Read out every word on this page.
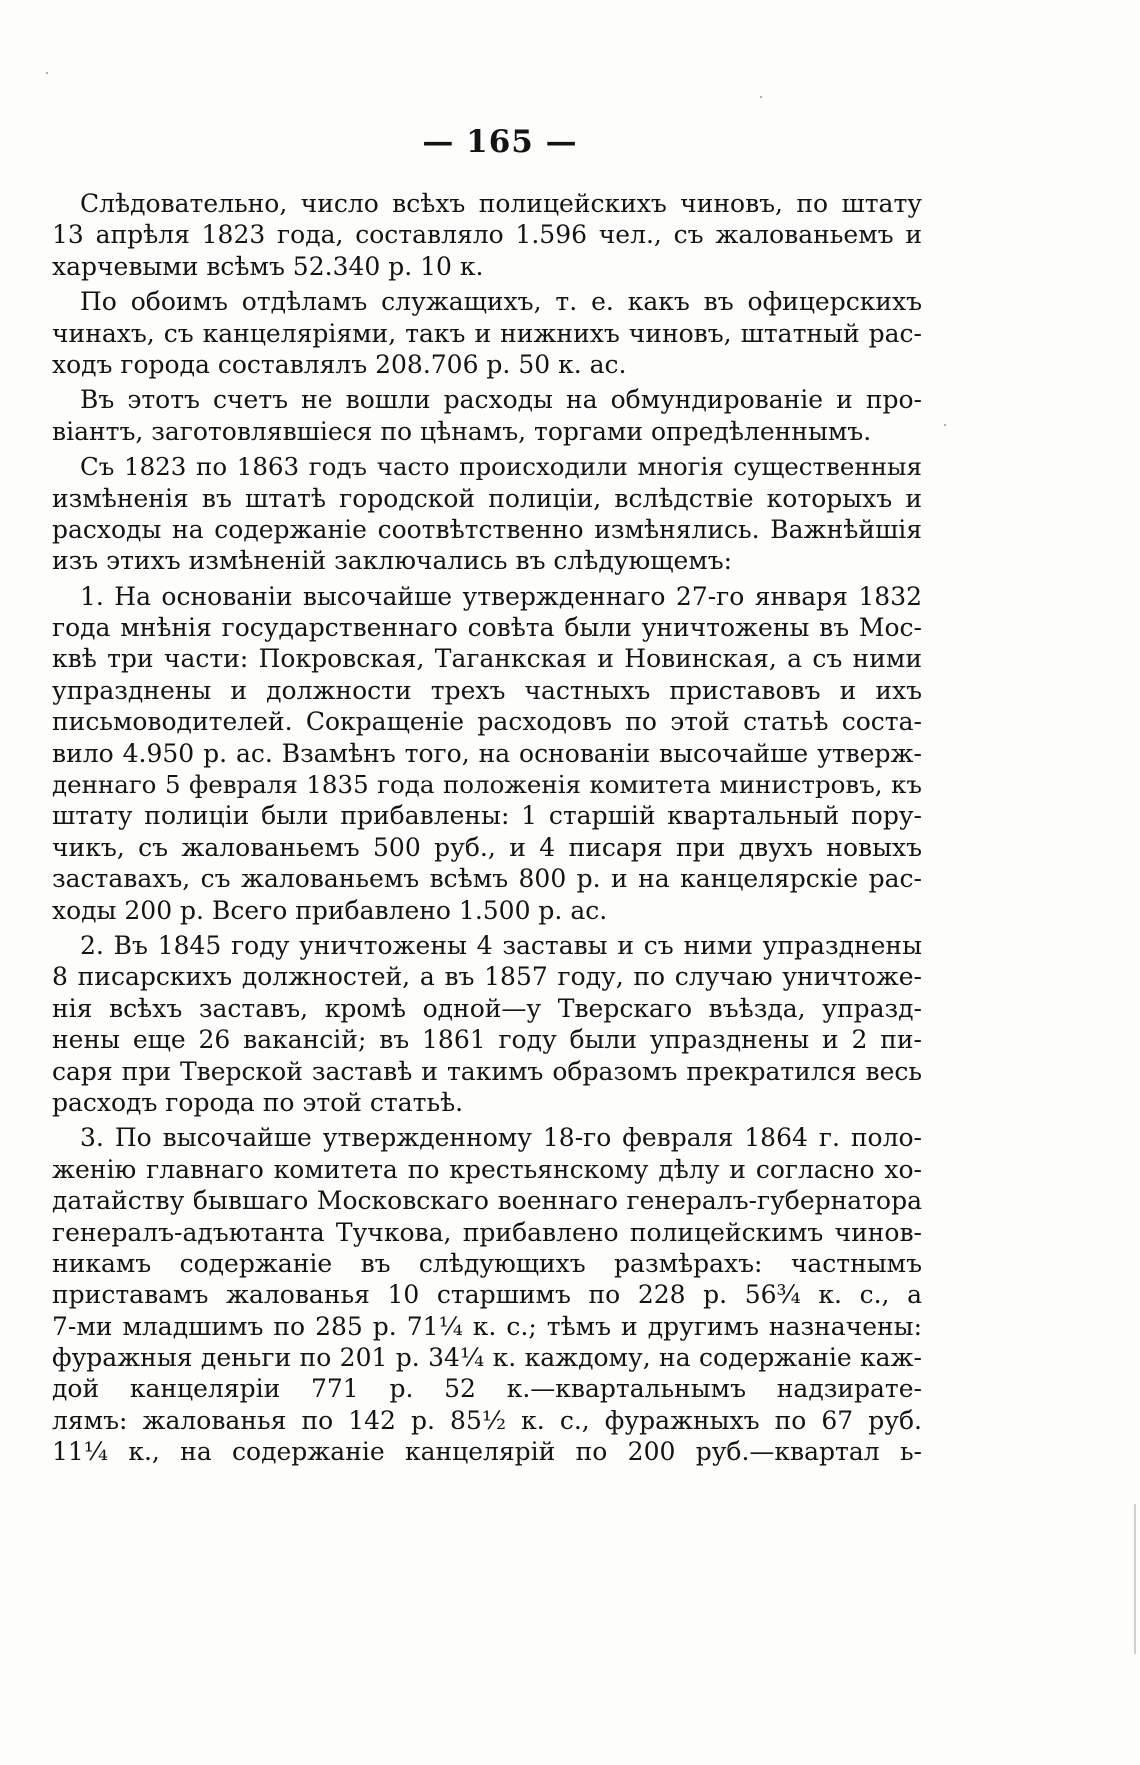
— 165 —
Слѣдовательно, число всѣхъ полицейскихъ чиновъ, по штату
13 апрѣля 1823 года, составляло 1.596 чел., съ жалованьемъ и
харчевыми всѣмъ 52.340 р. 10 к.
По обоимъ отдѣламъ служащихъ, т. е. какъ въ офицерскихъ
чинахъ, съ канцеляріями, такъ и нижнихъ чиновъ, штатный рас-
ходъ города составлялъ 208.706 р. 50 к. ас.
Въ этотъ счетъ не вошли расходы на обмундированіе и про-
віантъ, заготовлявшіеся по цѣнамъ, торгами опредѣленнымъ.
Съ 1823 по 1863 годъ часто происходили многія существенныя
измѣненія въ штатѣ городской полиціи, вслѣдствіе которыхъ и
расходы на содержаніе соотвѣтственно измѣнялись. Важнѣйшія
изъ этихъ измѣненій заключались въ слѣдующемъ:
1. На основаніи высочайше утвержденнаго 27-го января 1832
года мнѣнія государственнаго совѣта были уничтожены въ Мос-
квѣ три части: Покровская, Таганкская и Новинская, а съ ними
упразднены и должности трехъ частныхъ приставовъ и ихъ
письмоводителей. Сокращеніе расходовъ по этой статьѣ соста-
вило 4.950 р. ас. Взамѣнъ того, на основаніи высочайше утверж-
деннаго 5 февраля 1835 года положенія комитета министровъ, къ
штату полиціи были прибавлены: 1 старшій квартальный пору-
чикъ, съ жалованьемъ 500 руб., и 4 писаря при двухъ новыхъ
заставахъ, съ жалованьемъ всѣмъ 800 р. и на канцелярскіе рас-
ходы 200 р. Всего прибавлено 1.500 р. ас.
2. Въ 1845 году уничтожены 4 заставы и съ ними упразднены
8 писарскихъ должностей, а въ 1857 году, по случаю уничтоже-
нія всѣхъ заставъ, кромѣ одной—у Тверскаго въѣзда, упразд-
нены еще 26 вакансій; въ 1861 году были упразднены и 2 пи-
саря при Тверской заставѣ и такимъ образомъ прекратился весь
расходъ города по этой статьѣ.
3. По высочайше утвержденному 18-го февраля 1864 г. поло-
женію главнаго комитета по крестьянскому дѣлу и согласно хо-
датайству бывшаго Московскаго военнаго генералъ-губернатора
генералъ-адъютанта Тучкова, прибавлено полицейскимъ чинов-
никамъ содержаніе въ слѣдующихъ размѣрахъ: частнымъ
приставамъ жалованья 10 старшимъ по 228 р. 56¾ к. с., а
7-ми младшимъ по 285 р. 71¼ к. с.; тѣмъ и другимъ назначены:
фуражныя деньги по 201 р. 34¼ к. каждому, на содержаніе каж-
дой канцеляріи 771 р. 52 к.—квартальнымъ надзирате-
лямъ: жалованья по 142 р. 85½ к. с., фуражныхъ по 67 руб.
11¼ к., на содержаніе канцелярій по 200 руб.—квартал ь-
